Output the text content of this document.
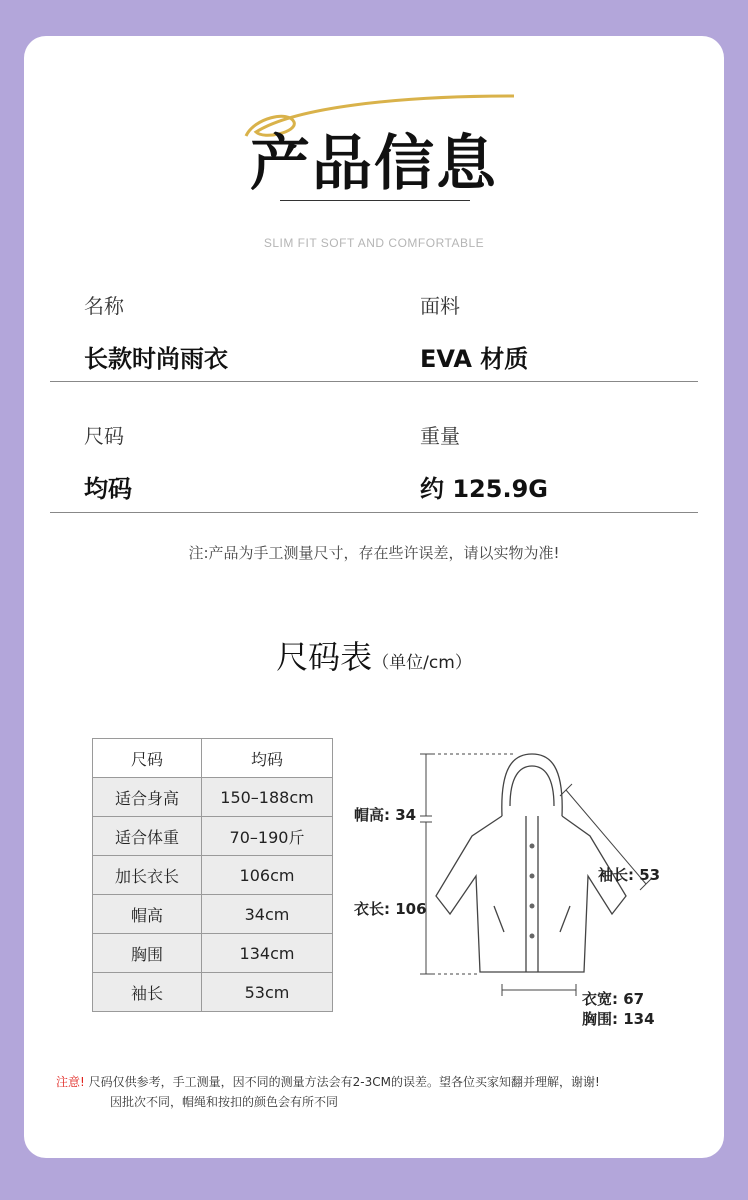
产品信息
SLIM FIT SOFT AND COMFORTABLE
名称
长款时尚雨衣
面料
EVA 材质
尺码
均码
重量
约 125.9G
注:产品为手工测量尺寸，存在些许误差，请以实物为准!
尺码表（单位/cm）
尺码	均码
适合身高	150–188cm
适合体重	70–190斤
加长衣长	106cm
帽高	34cm
胸围	134cm
袖长	53cm
帽高: 34
衣长: 106
袖长: 53
衣宽: 67
胸围: 134
注意! 尺码仅供参考，手工测量，因不同的测量方法会有2-3CM的误差。望各位买家知翻并理解，谢谢!
因批次不同，帽绳和按扣的颜色会有所不同
